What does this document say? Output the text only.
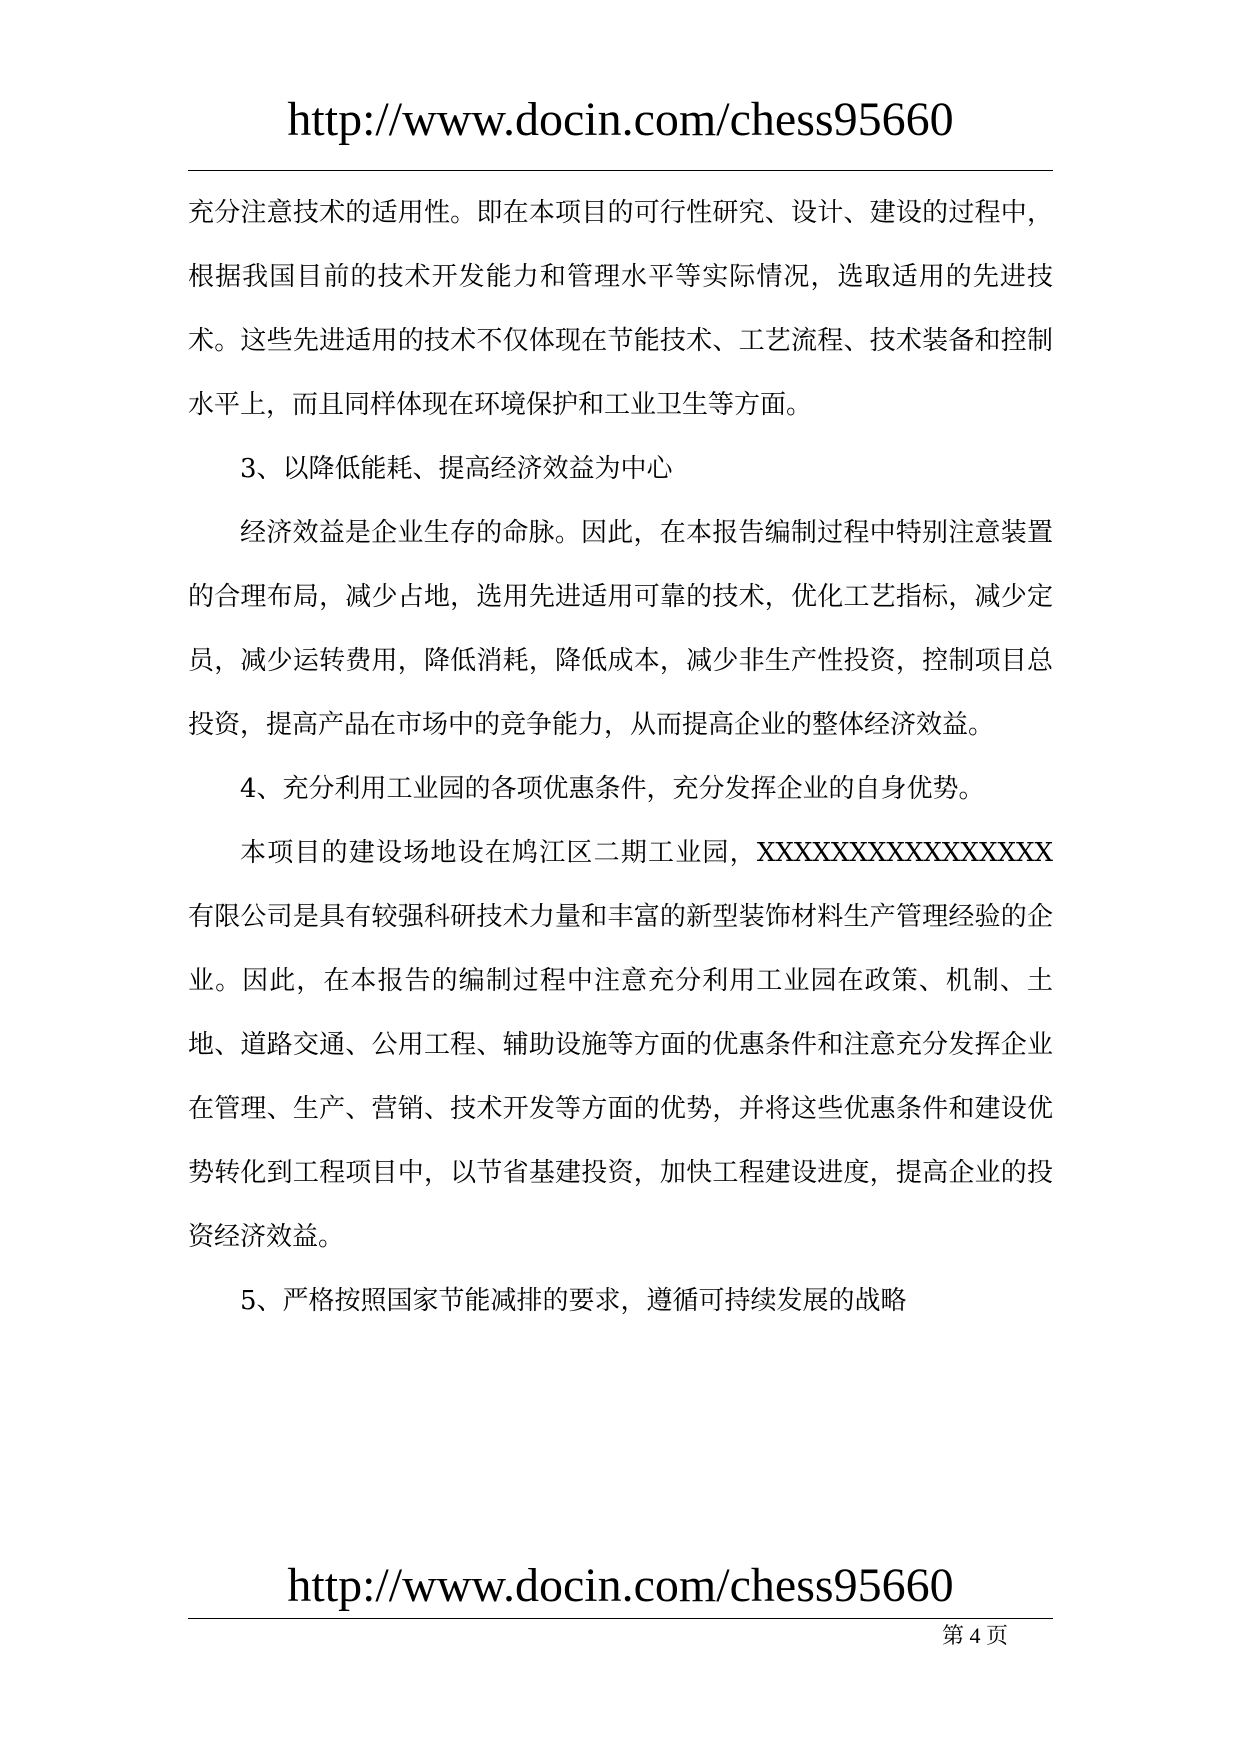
http://www.docin.com/chess95660

充分注意技术的适用性。即在本项目的可行性研究、设计、建设的过程中，根据我国目前的技术开发能力和管理水平等实际情况，选取适用的先进技术。这些先进适用的技术不仅体现在节能技术、工艺流程、技术装备和控制水平上，而且同样体现在环境保护和工业卫生等方面。

3、以降低能耗、提高经济效益为中心

经济效益是企业生存的命脉。因此，在本报告编制过程中特别注意装置的合理布局，减少占地，选用先进适用可靠的技术，优化工艺指标，减少定员，减少运转费用，降低消耗，降低成本，减少非生产性投资，控制项目总投资，提高产品在市场中的竞争能力，从而提高企业的整体经济效益。

4、充分利用工业园的各项优惠条件，充分发挥企业的自身优势。

本项目的建设场地设在鸠江区二期工业园，XXXXXXXXXXXXXXXX有限公司是具有较强科研技术力量和丰富的新型装饰材料生产管理经验的企业。因此，在本报告的编制过程中注意充分利用工业园在政策、机制、土地、道路交通、公用工程、辅助设施等方面的优惠条件和注意充分发挥企业在管理、生产、营销、技术开发等方面的优势，并将这些优惠条件和建设优势转化到工程项目中，以节省基建投资，加快工程建设进度，提高企业的投资经济效益。

5、严格按照国家节能减排的要求，遵循可持续发展的战略

http://www.docin.com/chess95660
第 4 页
